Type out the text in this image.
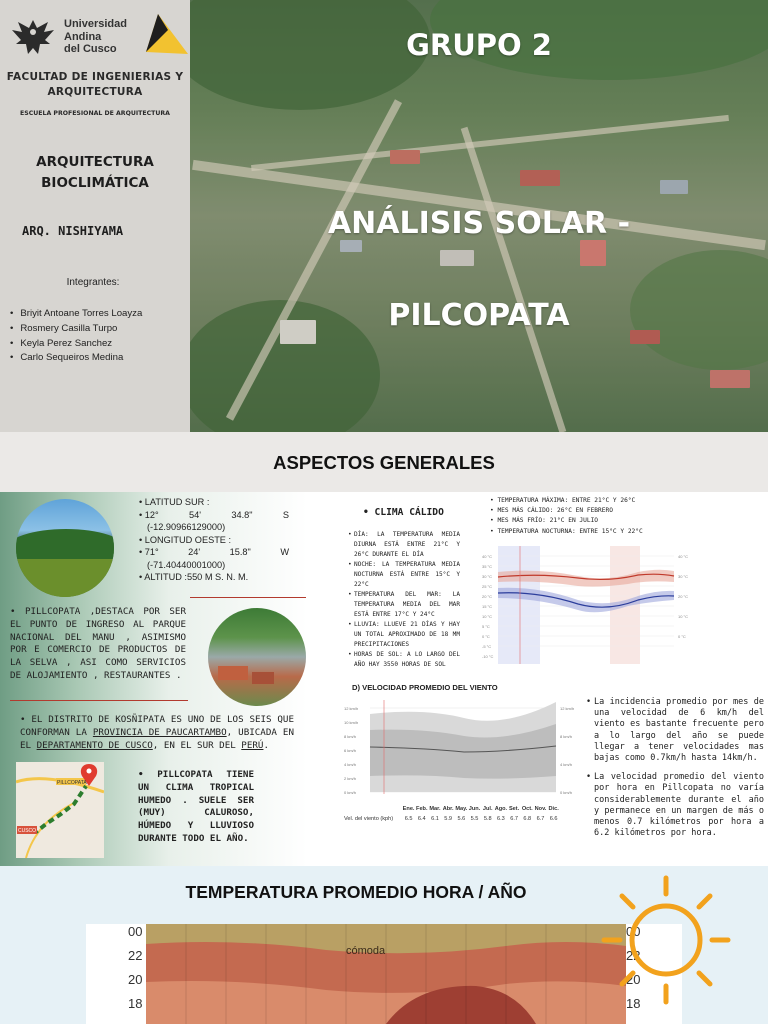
Universidad
Andina
del Cusco
FACULTAD DE INGENIERIAS Y ARQUITECTURA
ESCUELA PROFESIONAL DE ARQUITECTURA
ARQUITECTURA BIOCLIMÁTICA
ARQ. NISHIYAMA
Integrantes:
• Briyit Antoane Torres Loayza
• Rosmery Casilla Turpo
• Keyla Perez Sanchez
• Carlo Sequeiros Medina
GRUPO 2
ANÁLISIS SOLAR -
PILCOPATA
ASPECTOS GENERALES
• LATITUD SUR :
• 12°	54'	34.8"	S
(-12.90966129000)
• LONGITUD OESTE :
• 71°	24'	15.8"	W
(-71.40440001000)
• ALTITUD :550 M S. N. M.
• PILLCOPATA ,DESTACA POR SER EL PUNTO DE INGRESO AL PARQUE NACIONAL DEL MANU , ASIMISMO POR E COMERCIO DE PRODUCTOS DE LA SELVA , ASI COMO SERVICIOS DE ALOJAMIENTO , RESTAURANTES .
• EL DISTRITO DE KOSÑIPATA ES UNO DE LOS SEIS QUE CONFORMAN LA PROVINCIA DE PAUCARTAMBO, UBICADA EN EL DEPARTAMENTO DE CUSCO, EN EL SUR DEL PERÚ.
CUSCO
PILLCOPATA
• PILLCOPATA TIENE UN CLIMA TROPICAL HUMEDO . SUELE SER (MUY) CALUROSO, HÚMEDO Y LLUVIOSO DURANTE TODO EL AÑO.
• CLIMA CÁLIDO
• DÍA: LA TEMPERATURA MEDIA DIURNA ESTÁ ENTRE 21°C Y 26°C DURANTE EL DÍA
• NOCHE: LA TEMPERATURA MEDIA NOCTURNA ESTÁ ENTRE 15°C Y 22°C
• TEMPERATURA DEL MAR: LA TEMPERATURA MEDIA DEL MAR ESTÁ ENTRE 17°C Y 24°C
• LLUVIA: LLUEVE 21 DÍAS Y HAY UN TOTAL APROXIMADO DE 18 MM PRECIPITACIONES
• HORAS DE SOL: A LO LARGO DEL AÑO HAY 3550 HORAS DE SOL
• TEMPERATURA MÁXIMA: ENTRE 21°C Y 26°C
• MES MÁS CÁLIDO: 26°C EN FEBRERO
• MES MÁS FRÍO: 21°C EN JULIO
• TEMPERATURA NOCTURNA: ENTRE 15°C Y 22°C
40 °C
35 °C
30 °C
25 °C
20 °C
15 °C
10 °C
5 °C
0 °C
-5 °C
-10 °C
40 °C
30 °C
20 °C
10 °C
0 °C
D) VELOCIDAD PROMEDIO DEL VIENTO
12 km/h
10 km/h
8 km/h
6 km/h
4 km/h
2 km/h
0 km/h
12 km/h
8 km/h
4 km/h
0 km/h
Ene. Feb. Mar. Abr. May. Jun. Jul. Ago. Set. Oct. Nov. Dic.
Vel. del viento (kph)	6.5 6.4 6.1 5.9 5.6 5.5 5.8 6.3 6.7 6.8 6.7 6.6
• La incidencia promedio por mes de una velocidad de 6 km/h del viento es bastante frecuente pero a lo largo del año se puede llegar a tener velocidades mas bajas como 0.7km/h hasta 14km/h.
• La velocidad promedio del viento por hora en Pillcopata no varía considerablemente durante el año y permanece en un margen de más o menos 0.7 kilómetros por hora a 6.2 kilómetros por hora.
TEMPERATURA PROMEDIO HORA / AÑO
cómoda
00
22
20
18
00
22
20
18
